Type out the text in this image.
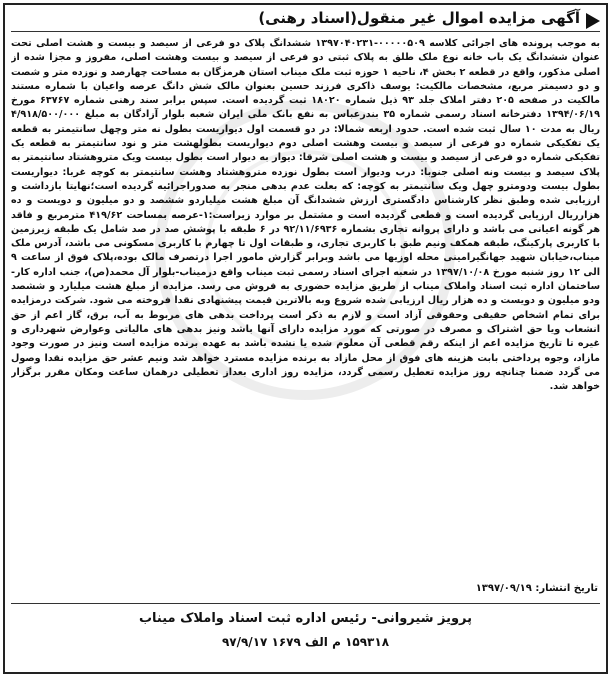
آگهی مزایده اموال غیر منقول(اسناد رهنی)
به موجب پرونده های اجرائی کلاسه ۰۰۰۰۰۵۰۹-۱۳۹۷۰۴۰۲۳۱ ششدانگ پلاک دو فرعی از سیصد و بیست و هشت اصلی تحت عنوان ششدانگ یک باب خانه نوع ملک طلق به پلاک ثبتی دو فرعی از سیصد و بیست وهشت اصلی، مفروز و مجزا شده از اصلی مذکور، واقع در قطعه ۲ بخش ۴، ناحیه ۱ حوزه ثبت ملک میناب استان هرمزگان به مساحت چهارصد و نوزده متر و شصت و دو دسیمتر مربع، مشخصات مالکیت: یوسف ذاکری فرزند حسین بعنوان مالک شش دانگ عرصه واعیان با شماره مستند مالکیت در صفحه ۲۰۵ دفتر املاک جلد ۹۳ ذیل شماره ۱۸۰۲۰ ثبت گردیده است. سپس برابر سند رهنی شماره ۶۳۷۶۷ مورخ ۱۳۹۴/۰۶/۱۹ دفترخانه اسناد رسمی شماره ۳۵ بندرعباس به نفع بانک ملی ایران شعبه بلوار آزادگان به مبلغ ۴/۹۱۸/۵۰۰/۰۰۰ ریال به مدت ۱۰ سال ثبت شده است. حدود اربعه شمالا: در دو قسمت اول دیواریست بطول نه متر وچهل سانتیمتر به قطعه یک تفکیکی شماره دو فرعی از سیصد و بیست وهشت اصلی دوم دیواریست بطولهشت متر و نود سانتیمتر به قطعه یک تفکیکی شماره دو فرعی از سیصد و بیست و هشت اصلی شرقا: دیوار به دیوار است بطول بیست ویک متروهشتاد سانتیمتر به پلاک سیصد و بیست ونه اصلی جنوبا: درب ودیوار است بطول نوزده متروهشتاد وهشت سانتیمتر به کوچه غربا: دیواریست بطول بیست ودومترو چهل ویک سانتیمتر به کوچه: که بعلت عدم بدهی منجر به صدوراجرائیه گردیده است؛نهایتا بازداشت و ارزیابی شده وطبق نظر کارشناس دادگستری ارزش ششدانگ آن مبلغ هشت میلیاردو ششصد و دو میلیون و دویست و ده هزارریال ارزیابی گردیده است و قطعی گردیده است و مشتمل بر موارد زیراست:۱-عرصه بمساحت ۴۱۹/۶۲ مترمربع و فاقد هر گونه اعیانی می باشد و دارای پروانه تجاری بشماره ۹۲/۱۱/۶۹۳۶ در ۶ طبقه با پوشش صد در صد شامل یک طبقه زیرزمین با کاربری پارکینگ، طبقه همکف ونیم طبق با کاربری تجاری، و طبقات اول تا چهارم با کاربری مسکونی می باشد، آدرس ملک میناب،خیابان شهید جهانگیرامینی محله اوزیها می باشد وبرابر گزارش مامور اجرا درتصرف مالک بوده،پلاک فوق از ساعت ۹ الی ۱۲ روز شنبه مورخ ۱۳۹۷/۱۰/۰۸ در شعبه اجرای اسناد رسمی ثبت میناب واقع درمیناب-بلوار آل محمد(ص)، جنب اداره کار-ساختمان اداره ثبت اسناد واملاک میناب از طریق مزایده حضوری به فروش می رسد. مزایده از مبلغ هشت میلیارد و ششصد ودو میلیون و دویست و ده هزار ریال ارزیابی شده شروع وبه بالاترین قیمت پیشنهادی نقدا فروخته می شود. شرکت درمزایده برای تمام اشخاص حقیقی وحقوقی آزاد است و لازم به ذکر است پرداخت بدهی های مربوط به آب، برق، گاز اعم از حق انشعاب ویا حق اشتراک و مصرف در صورتی که مورد مزایده دارای آنها باشد ونیز بدهی های مالیاتی وعوارض شهرداری و غیره تا تاریخ مزایده اعم از اینکه رقم قطعی آن معلوم شده یا نشده باشد به عهده برنده مزایده است ونیز در صورت وجود مازاد، وجوه پرداختی بابت هزینه های فوق از محل مازاد به برنده مزایده مسترد خواهد شد ونیم عشر حق مزایده نقدا وصول می گردد ضمنا چنانچه روز مزایده تعطیل رسمی گردد، مزایده روز اداری بعداز تعطیلی درهمان ساعت ومکان مقرر برگزار خواهد شد.
تاریخ انتشار: ۱۳۹۷/۰۹/۱۹
پرویز شیروانی- رئیس اداره ثبت اسناد واملاک میناب
۱۵۹۳۱۸ م الف ۱۶۷۹ ۹۷/۹/۱۷
